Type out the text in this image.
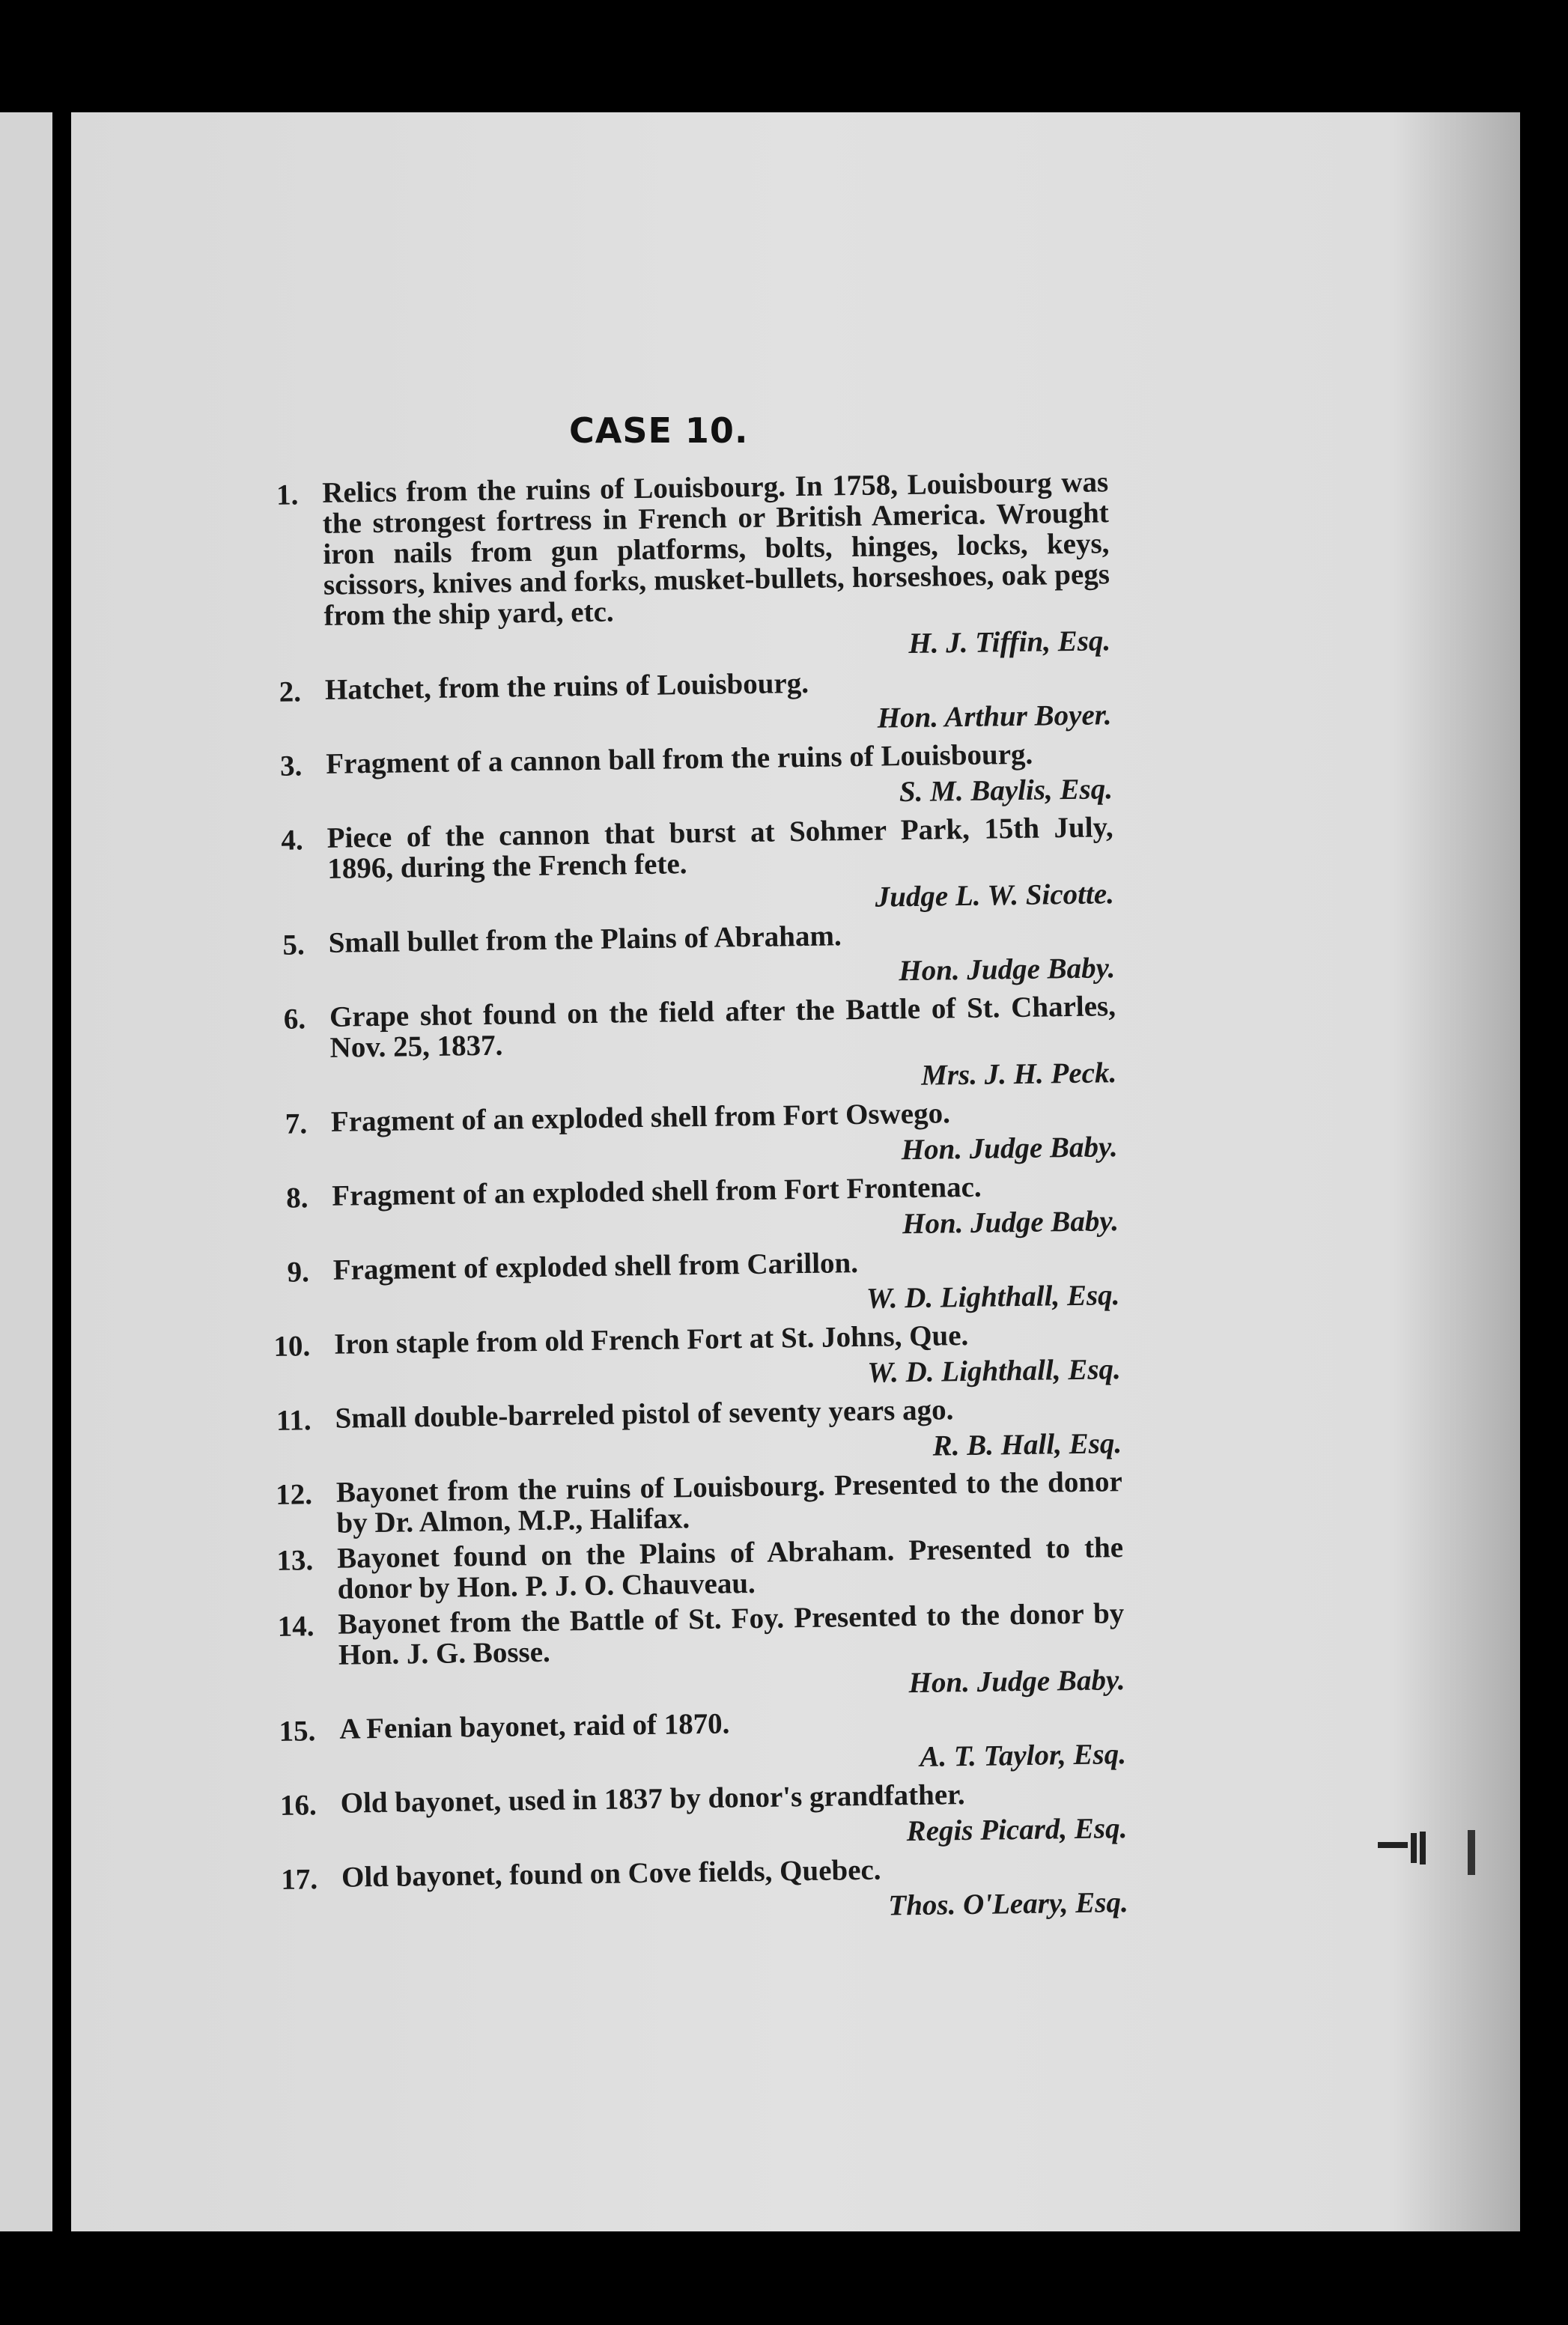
CASE 10.
1. Relics from the ruins of Louisbourg. In 1758, Louisbourg was the strongest fortress in French or British America. Wrought iron nails from gun platforms, bolts, hinges, locks, keys, scissors, knives and forks, musket-bullets, horseshoes, oak pegs from the ship yard, etc.
H. J. Tiffin, Esq.
2. Hatchet, from the ruins of Louisbourg.
Hon. Arthur Boyer.
3. Fragment of a cannon ball from the ruins of Louisbourg.
S. M. Baylis, Esq.
4. Piece of the cannon that burst at Sohmer Park, 15th July, 1896, during the French fete.
Judge L. W. Sicotte.
5. Small bullet from the Plains of Abraham.
Hon. Judge Baby.
6. Grape shot found on the field after the Battle of St. Charles, Nov. 25, 1837.
Mrs. J. H. Peck.
7. Fragment of an exploded shell from Fort Oswego.
Hon. Judge Baby.
8. Fragment of an exploded shell from Fort Frontenac.
Hon. Judge Baby.
9. Fragment of exploded shell from Carillon.
W. D. Lighthall, Esq.
10. Iron staple from old French Fort at St. Johns, Que.
W. D. Lighthall, Esq.
11. Small double-barreled pistol of seventy years ago.
R. B. Hall, Esq.
12. Bayonet from the ruins of Louisbourg. Presented to the donor by Dr. Almon, M.P., Halifax.
13. Bayonet found on the Plains of Abraham. Presented to the donor by Hon. P. J. O. Chauveau.
14. Bayonet from the Battle of St. Foy. Presented to the donor by Hon. J. G. Bosse.
Hon. Judge Baby.
15. A Fenian bayonet, raid of 1870.
A. T. Taylor, Esq.
16. Old bayonet, used in 1837 by donor's grandfather.
Regis Picard, Esq.
17. Old bayonet, found on Cove fields, Quebec.
Thos. O'Leary, Esq.
